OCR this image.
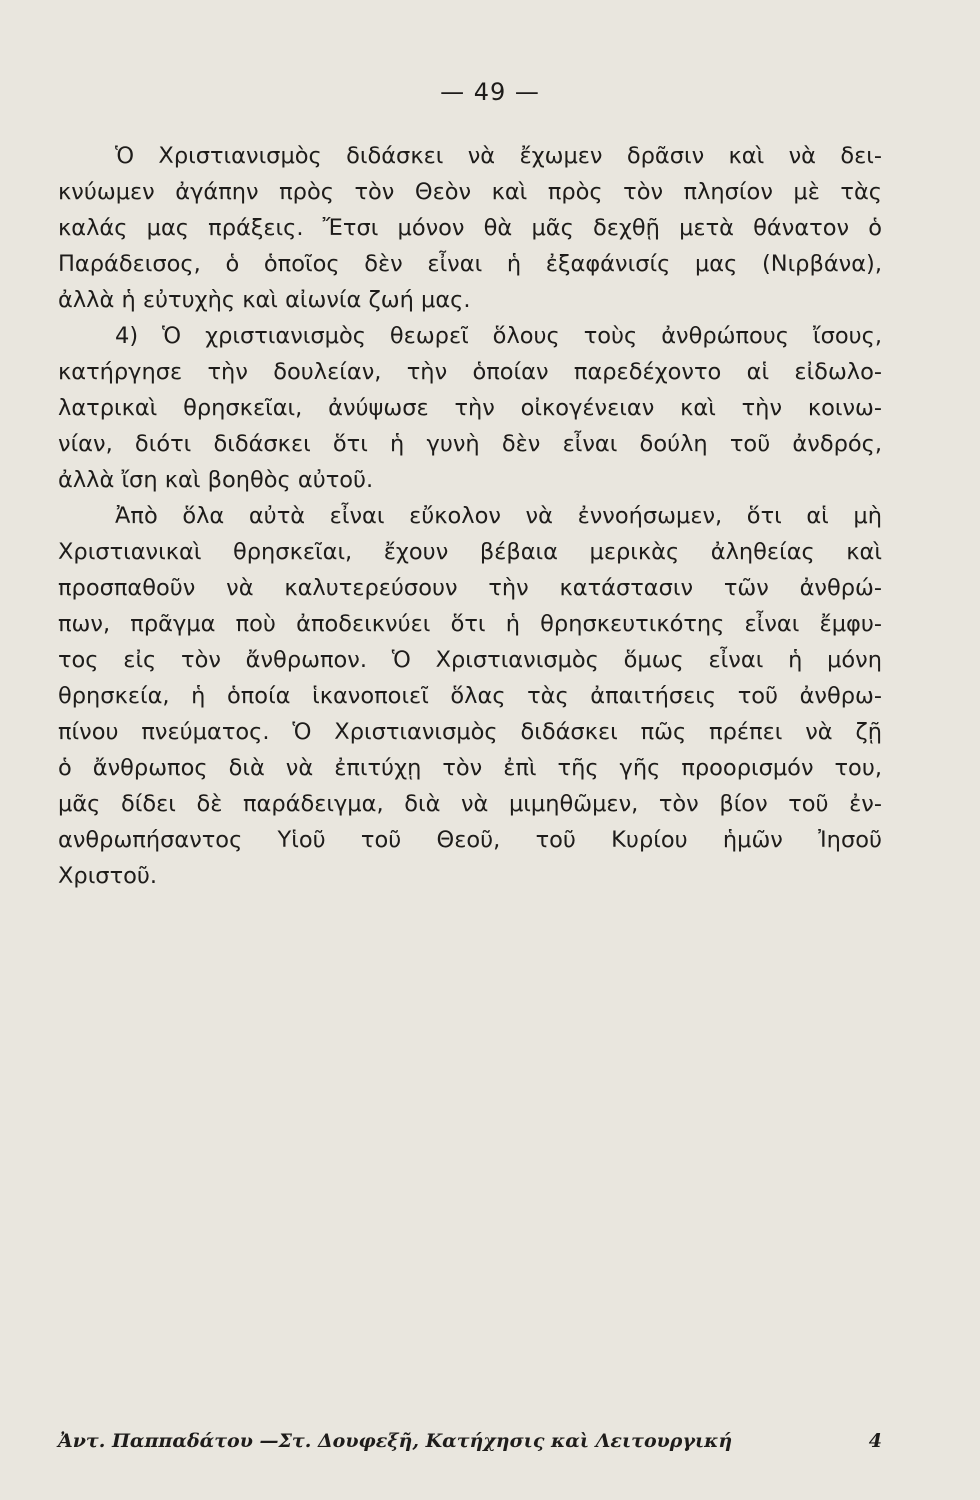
— 49 —
Ὁ Χριστιανισμὸς διδάσκει νὰ ἔχωμεν δρᾶσιν καὶ νὰ δει-
κνύωμεν ἀγάπην πρὸς τὸν Θεὸν καὶ πρὸς τὸν πλησίον μὲ τὰς
καλάς μας πράξεις. Ἔτσι μόνον θὰ μᾶς δεχθῇ μετὰ θάνατον ὁ
Παράδεισος, ὁ ὁποῖος δὲν εἶναι ἡ ἐξαφάνισίς μας (Νιρβάνα),
ἀλλὰ ἡ εὐτυχὴς καὶ αἰωνία ζωή μας.
4) Ὁ χριστιανισμὸς θεωρεῖ ὅλους τοὺς ἀνθρώπους ἴσους,
κατήργησε τὴν δουλείαν, τὴν ὁποίαν παρεδέχοντο αἱ εἰδωλο-
λατρικαὶ θρησκεῖαι, ἀνύψωσε τὴν οἰκογένειαν καὶ τὴν κοινω-
νίαν, διότι διδάσκει ὅτι ἡ γυνὴ δὲν εἶναι δούλη τοῦ ἀνδρός,
ἀλλὰ ἴση καὶ βοηθὸς αὐτοῦ.
Ἀπὸ ὅλα αὐτὰ εἶναι εὔκολον νὰ ἐννοήσωμεν, ὅτι αἱ μὴ
Χριστιανικαὶ θρησκεῖαι, ἔχουν βέβαια μερικὰς ἀληθείας καὶ
προσπαθοῦν νὰ καλυτερεύσουν τὴν κατάστασιν τῶν ἀνθρώ-
πων, πρᾶγμα ποὺ ἀποδεικνύει ὅτι ἡ θρησκευτικότης εἶναι ἔμφυ-
τος εἰς τὸν ἄνθρωπον. Ὁ Χριστιανισμὸς ὅμως εἶναι ἡ μόνη
θρησκεία, ἡ ὁποία ἱκανοποιεῖ ὅλας τὰς ἀπαιτήσεις τοῦ ἀνθρω-
πίνου πνεύματος. Ὁ Χριστιανισμὸς διδάσκει πῶς πρέπει νὰ ζῇ
ὁ ἄνθρωπος διὰ νὰ ἐπιτύχῃ τὸν ἐπὶ τῆς γῆς προορισμόν του,
μᾶς δίδει δὲ παράδειγμα, διὰ νὰ μιμηθῶμεν, τὸν βίον τοῦ ἐν-
ανθρωπήσαντος Υἱοῦ τοῦ Θεοῦ, τοῦ Κυρίου ἡμῶν Ἰησοῦ
Χριστοῦ.
Ἀντ. Παππαδάτου —Στ. Δουφεξῆ, Κατήχησις καὶ Λειτουργική	4
